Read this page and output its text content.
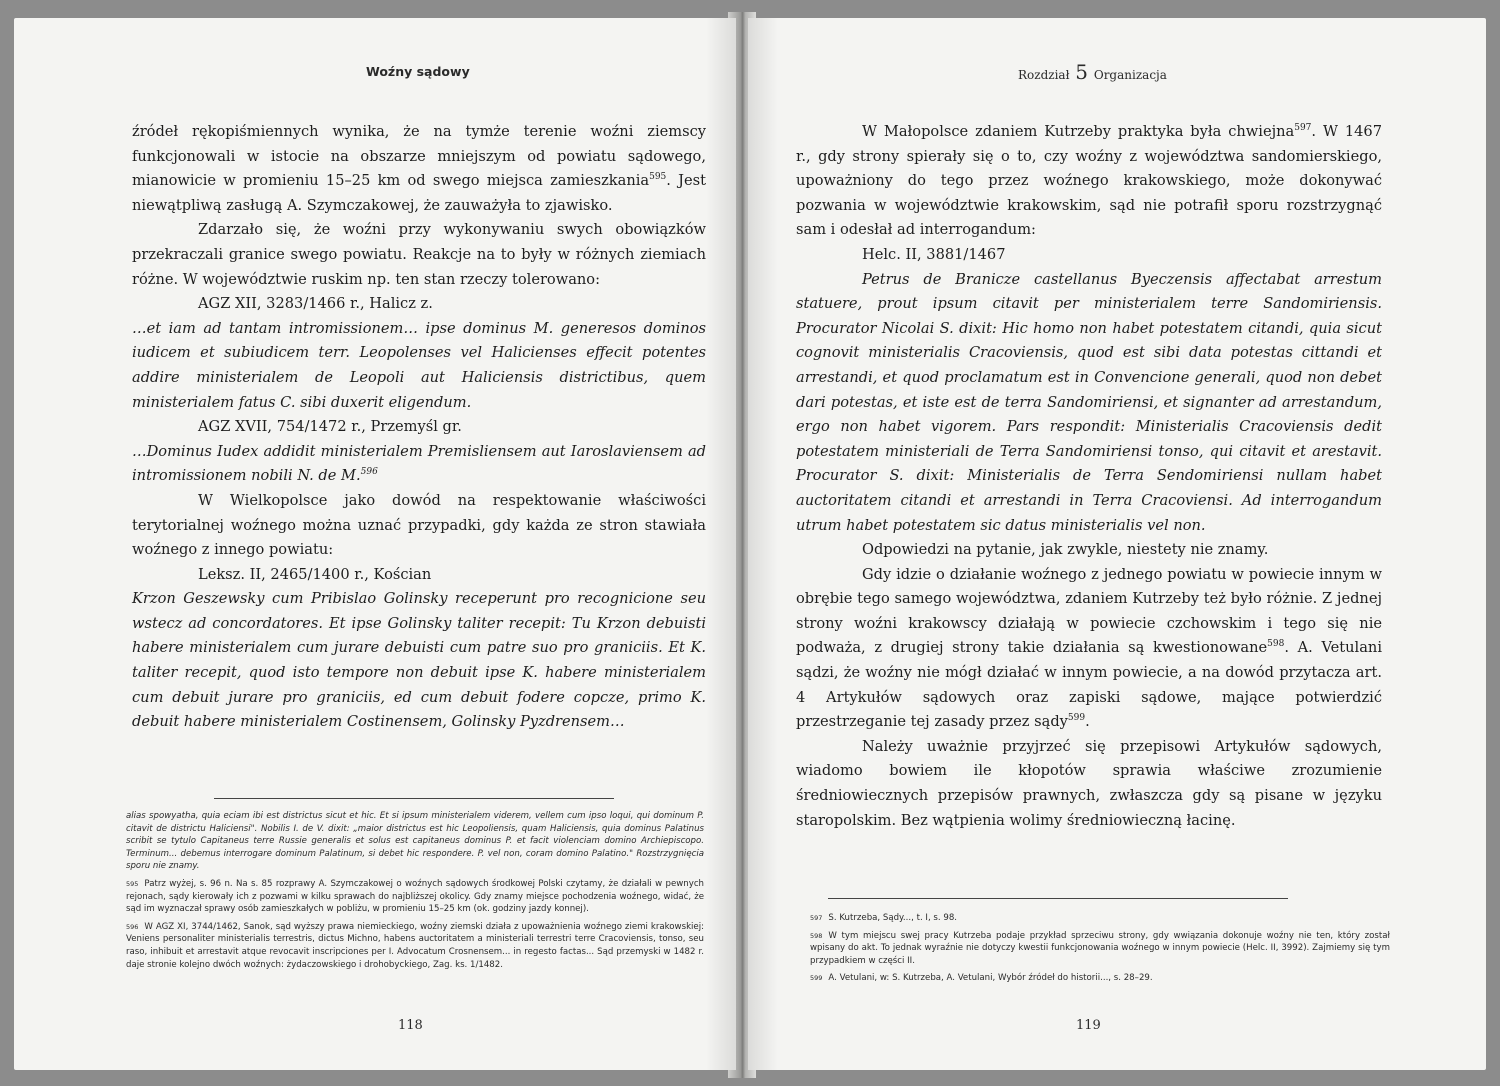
Woźny sądowy

źródeł rękopiśmiennych wynika, że na tymże terenie woźni ziemscy funkcjonowali w istocie na obszarze mniejszym od powiatu sądowego, mianowicie w promieniu 15–25 km od swego miejsca zamieszkania$^{595}$. Jest niewątpliwą zasługą A. Szymczakowej, że zauważyła to zjawisko.

Zdarzało się, że woźni przy wykonywaniu swych obowiązków przekraczali granice swego powiatu. Reakcje na to były w różnych ziemiach różne. W województwie ruskim np. ten stan rzeczy tolerowano:

AGZ XII, 3283/1466 r., Halicz z.

…et iam ad tantam intromissionem… ipse dominus M. generesos dominos iudicem et subiudicem terr. Leopolenses vel Halicienses effecit potentes addire ministerialem de Leopoli aut Haliciensis districtibus, quem ministerialem fatus C. sibi duxerit eligendum.

AGZ XVII, 754/1472 r., Przemyśl gr.

…Dominus Iudex addidit ministerialem Premisliensem aut Iaroslaviensem ad intromissionem nobili N. de M.$^{596}$

W Wielkopolsce jako dowód na respektowanie właściwości terytorialnej woźnego można uznać przypadki, gdy każda ze stron stawiała woźnego z innego powiatu:

Leksz. II, 2465/1400 r., Kościan

Krzon Geszewsky cum Pribislao Golinsky receperunt pro recognicione seu wstecz ad concordatores. Et ipse Golinsky taliter recepit: Tu Krzon debuisti habere ministerialem cum jurare debuisti cum patre suo pro graniciis. Et K. taliter recepit, quod isto tempore non debuit ipse K. habere ministerialem cum debuit jurare pro graniciis, ed cum debuit fodere copcze, primo K. debuit habere ministerialem Costinensem, Golinsky Pyzdrensem…

alias spowyatha, quia eciam ibi est districtus sicut et hic. Et si ipsum ministerialem viderem, vellem cum ipso loqui, qui dominum P. citavit de districtu Haliciensi". Nobilis I. de V. dixit: „maior districtus est hic Leopoliensis, quam Haliciensis, quia dominus Palatinus scribit se tytulo Capitaneus terre Russie generalis et solus est capitaneus dominus P. et facit violenciam domino Archiepiscopo. Terminum... debemus interrogare dominum Palatinum, si debet hic respondere. P. vel non, coram domino Palatino." Rozstrzygnięcia sporu nie znamy.

$^{595}$ Patrz wyżej, s. 96 n. Na s. 85 rozprawy A. Szymczakowej o woźnych sądowych środkowej Polski czytamy, że działali w pewnych rejonach, sądy kierowały ich z pozwami w kilku sprawach do najbliższej okolicy. Gdy znamy miejsce pochodzenia woźnego, widać, że sąd im wyznaczał sprawy osób zamieszkałych w pobliżu, w promieniu 15–25 km (ok. godziny jazdy konnej).

$^{596}$ W AGZ XI, 3744/1462, Sanok, sąd wyższy prawa niemieckiego, woźny ziemski działa z upoważnienia woźnego ziemi krakowskiej: Veniens personaliter ministerialis terrestris, dictus Michno, habens auctoritatem a ministeriali terrestri terre Cracoviensis, tonso, seu raso, inhibuit et arrestavit atque revocavit inscripciones per I. Advocatum Crosnensem... in regesto factas... Sąd przemyski w 1482 r. daje stronie kolejno dwóch woźnych: żydaczowskiego i drohobyckiego, Zag. ks. 1/1482.

118
Rozdział 5 Organizacja

W Małopolsce zdaniem Kutrzeby praktyka była chwiejna$^{597}$. W 1467 r., gdy strony spierały się o to, czy woźny z województwa sandomierskiego, upoważniony do tego przez woźnego krakowskiego, może dokonywać pozwania w województwie krakowskim, sąd nie potrafił sporu rozstrzygnąć sam i odesłał ad interrogandum:

Helc. II, 3881/1467

Petrus de Branicze castellanus Byeczensis affectabat arrestum statuere, prout ipsum citavit per ministerialem terre Sandomiriensis. Procurator Nicolai S. dixit: Hic homo non habet potestatem citandi, quia sicut cognovit ministerialis Cracoviensis, quod est sibi data potestas cittandi et arrestandi, et quod proclamatum est in Convencione generali, quod non debet dari potestas, et iste est de terra Sandomiriensi, et signanter ad arrestandum, ergo non habet vigorem. Pars respondit: Ministerialis Cracoviensis dedit potestatem ministeriali de Terra Sandomiriensi tonso, qui citavit et arestavit. Procurator S. dixit: Ministerialis de Terra Sendomiriensi nullam habet auctoritatem citandi et arrestandi in Terra Cracoviensi. Ad interrogandum utrum habet potestatem sic datus ministerialis vel non.

Odpowiedzi na pytanie, jak zwykle, niestety nie znamy.

Gdy idzie o działanie woźnego z jednego powiatu w powiecie innym w obrębie tego samego województwa, zdaniem Kutrzeby też było różnie. Z jednej strony woźni krakowscy działają w powiecie czchowskim i tego się nie podważa, z drugiej strony takie działania są kwestionowane$^{598}$. A. Vetulani sądzi, że woźny nie mógł działać w innym powiecie, a na dowód przytacza art. 4 Artykułów sądowych oraz zapiski sądowe, mające potwierdzić przestrzeganie tej zasady przez sądy$^{599}$.

Należy uważnie przyjrzeć się przepisowi Artykułów sądowych, wiadomo bowiem ile kłopotów sprawia właściwe zrozumienie średniowiecznych przepisów prawnych, zwłaszcza gdy są pisane w języku staropolskim. Bez wątpienia wolimy średniowieczną łacinę.

$^{597}$ S. Kutrzeba, Sądy..., t. I, s. 98.

$^{598}$ W tym miejscu swej pracy Kutrzeba podaje przykład sprzeciwu strony, gdy wwiązania dokonuje woźny nie ten, który został wpisany do akt. To jednak wyraźnie nie dotyczy kwestii funkcjonowania woźnego w innym powiecie (Helc. II, 3992). Zajmiemy się tym przypadkiem w części II.

$^{599}$ A. Vetulani, w: S. Kutrzeba, A. Vetulani, Wybór źródeł do historii..., s. 28–29.

119
